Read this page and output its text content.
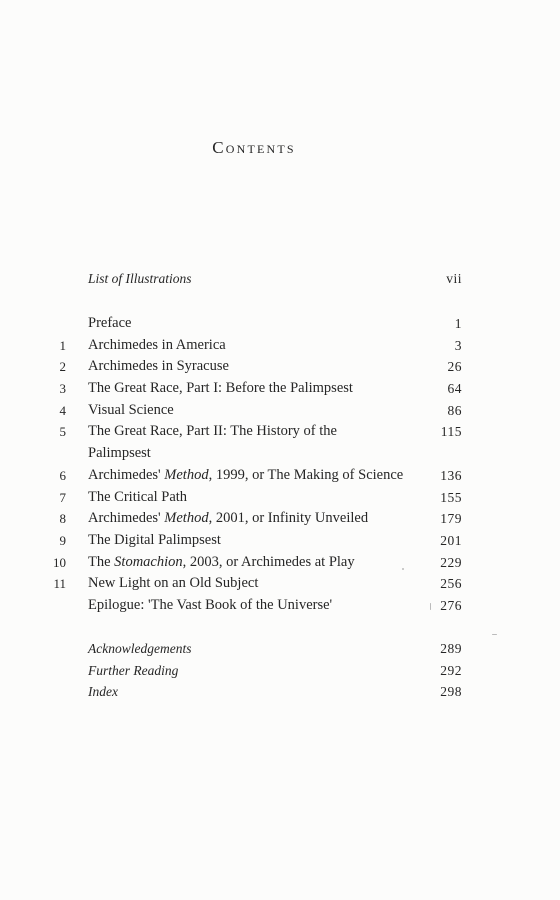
Contents
List of Illustrations	vii
Preface	1
1 Archimedes in America	3
2 Archimedes in Syracuse	26
3 The Great Race, Part I: Before the Palimpsest	64
4 Visual Science	86
5 The Great Race, Part II: The History of the	115
Palimpsest
6 Archimedes' Method, 1999, or The Making of Science	136
7 The Critical Path	155
8 Archimedes' Method, 2001, or Infinity Unveiled	179
9 The Digital Palimpsest	201
10 The Stomachion, 2003, or Archimedes at Play	229
11 New Light on an Old Subject	256
Epilogue: 'The Vast Book of the Universe'	276
Acknowledgements	289
Further Reading	292
Index	298
